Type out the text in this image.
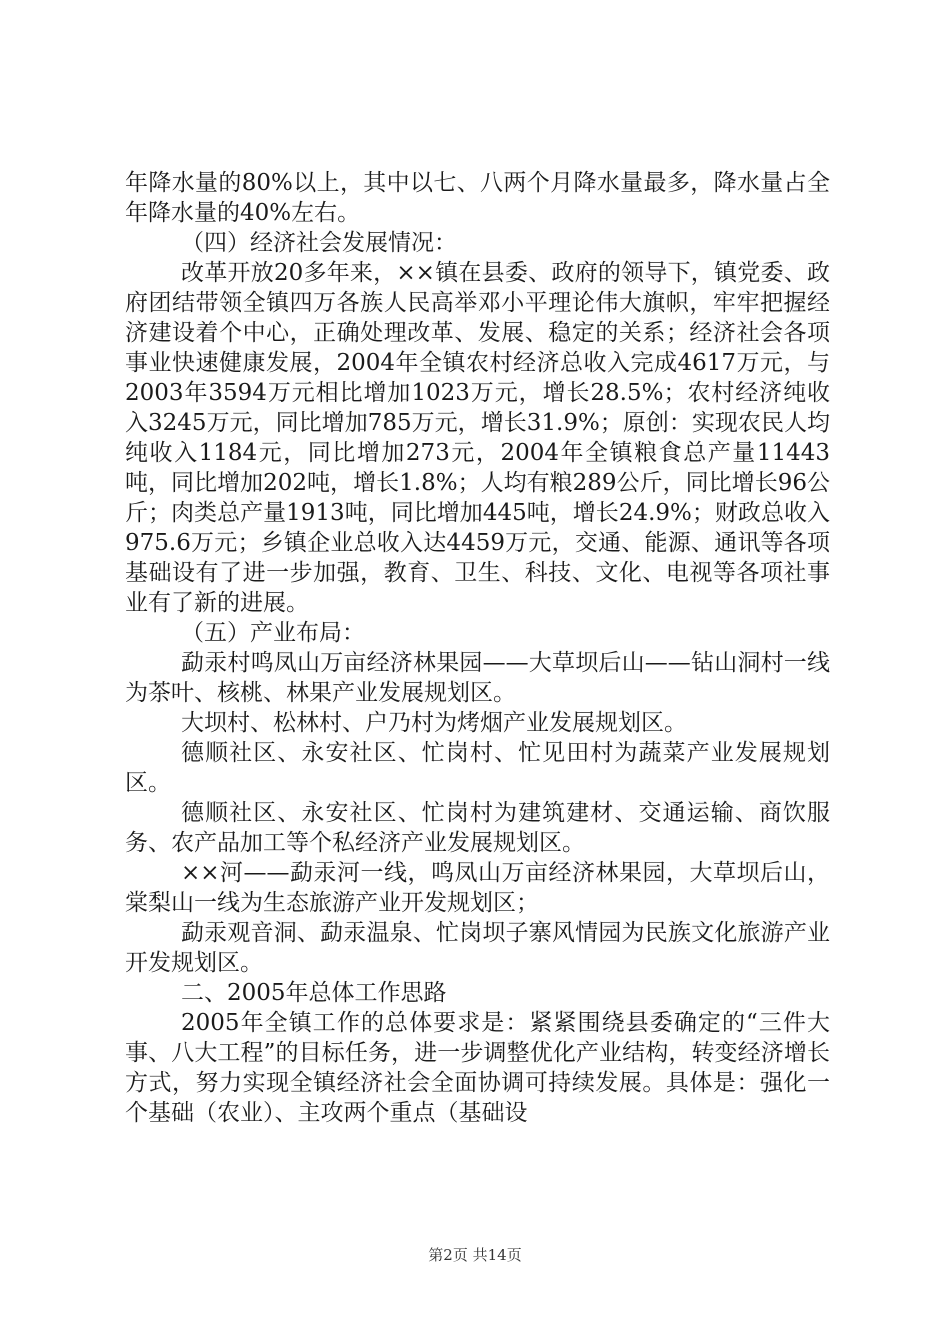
年降水量的80%以上，其中以七、八两个月降水量最多，降水量占全年降水量的40%左右。

（四）经济社会发展情况：

改革开放20多年来，××镇在县委、政府的领导下，镇党委、政府团结带领全镇四万各族人民高举邓小平理论伟大旗帜，牢牢把握经济建设着个中心，正确处理改革、发展、稳定的关系；经济社会各项事业快速健康发展，2004年全镇农村经济总收入完成4617万元，与2003年3594万元相比增加1023万元，增长28.5%；农村经济纯收入3245万元，同比增加785万元，增长31.9%；原创：实现农民人均纯收入1184元，同比增加273元，2004年全镇粮食总产量11443吨，同比增加202吨，增长1.8%；人均有粮289公斤，同比增长96公斤；肉类总产量1913吨，同比增加445吨，增长24.9%；财政总收入975.6万元；乡镇企业总收入达4459万元，交通、能源、通讯等各项基础设有了进一步加强，教育、卫生、科技、文化、电视等各项社事业有了新的进展。

（五）产业布局：

勐汞村鸣凤山万亩经济林果园——大草坝后山——钻山洞村一线为茶叶、核桃、林果产业发展规划区。

大坝村、松林村、户乃村为烤烟产业发展规划区。

德顺社区、永安社区、忙岗村、忙见田村为蔬菜产业发展规划区。

德顺社区、永安社区、忙岗村为建筑建材、交通运输、商饮服务、农产品加工等个私经济产业发展规划区。

××河——勐汞河一线，鸣凤山万亩经济林果园，大草坝后山，棠梨山一线为生态旅游产业开发规划区；

勐汞观音洞、勐汞温泉、忙岗坝子寨风情园为民族文化旅游产业开发规划区。

二、2005年总体工作思路

2005年全镇工作的总体要求是：紧紧围绕县委确定的“三件大事、八大工程”的目标任务，进一步调整优化产业结构，转变经济增长方式，努力实现全镇经济社会全面协调可持续发展。具体是：强化一个基础（农业）、主攻两个重点（基础设

第2页 共14页
